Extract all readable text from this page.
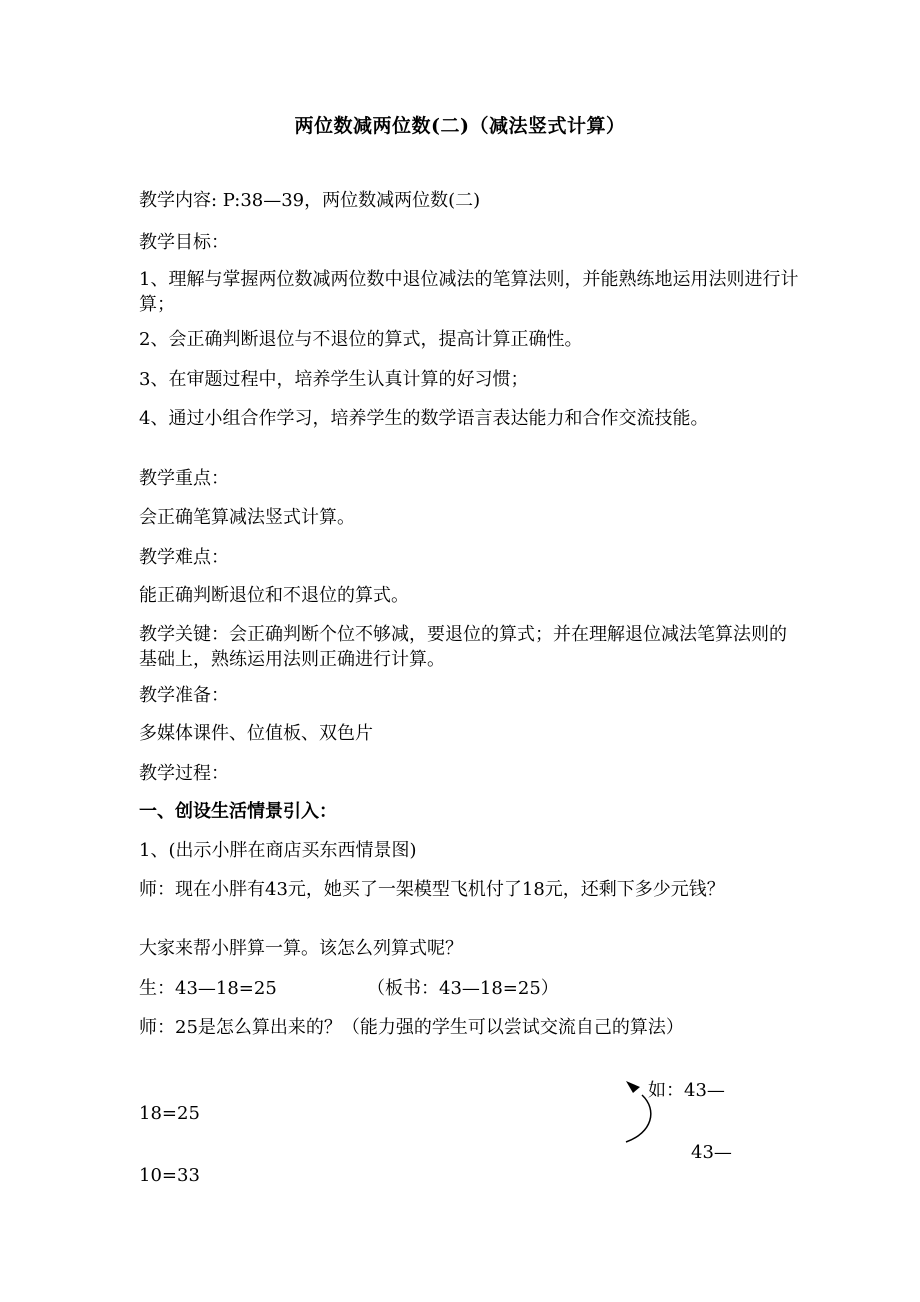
两位数减两位数(二)（减法竖式计算）
教学内容: P:38—39，两位数减两位数(二)
教学目标：
1、理解与掌握两位数减两位数中退位减法的笔算法则，并能熟练地运用法则进行计算；
2、会正确判断退位与不退位的算式，提高计算正确性。
3、在审题过程中，培养学生认真计算的好习惯；
4、通过小组合作学习，培养学生的数学语言表达能力和合作交流技能。
教学重点：
会正确笔算减法竖式计算。
教学难点：
能正确判断退位和不退位的算式。
教学关键：会正确判断个位不够减，要退位的算式；并在理解退位减法笔算法则的基础上，熟练运用法则正确进行计算。
教学准备：
多媒体课件、位值板、双色片
教学过程：
一、创设生活情景引入：
1、(出示小胖在商店买东西情景图)
师：现在小胖有43元，她买了一架模型飞机付了18元，还剩下多少元钱？
大家来帮小胖算一算。该怎么列算式呢？
生：43—18=25	（板书：43—18=25）
师：25是怎么算出来的？（能力强的学生可以尝试交流自己的算法）
如：43—
18=25
43—
10=33
